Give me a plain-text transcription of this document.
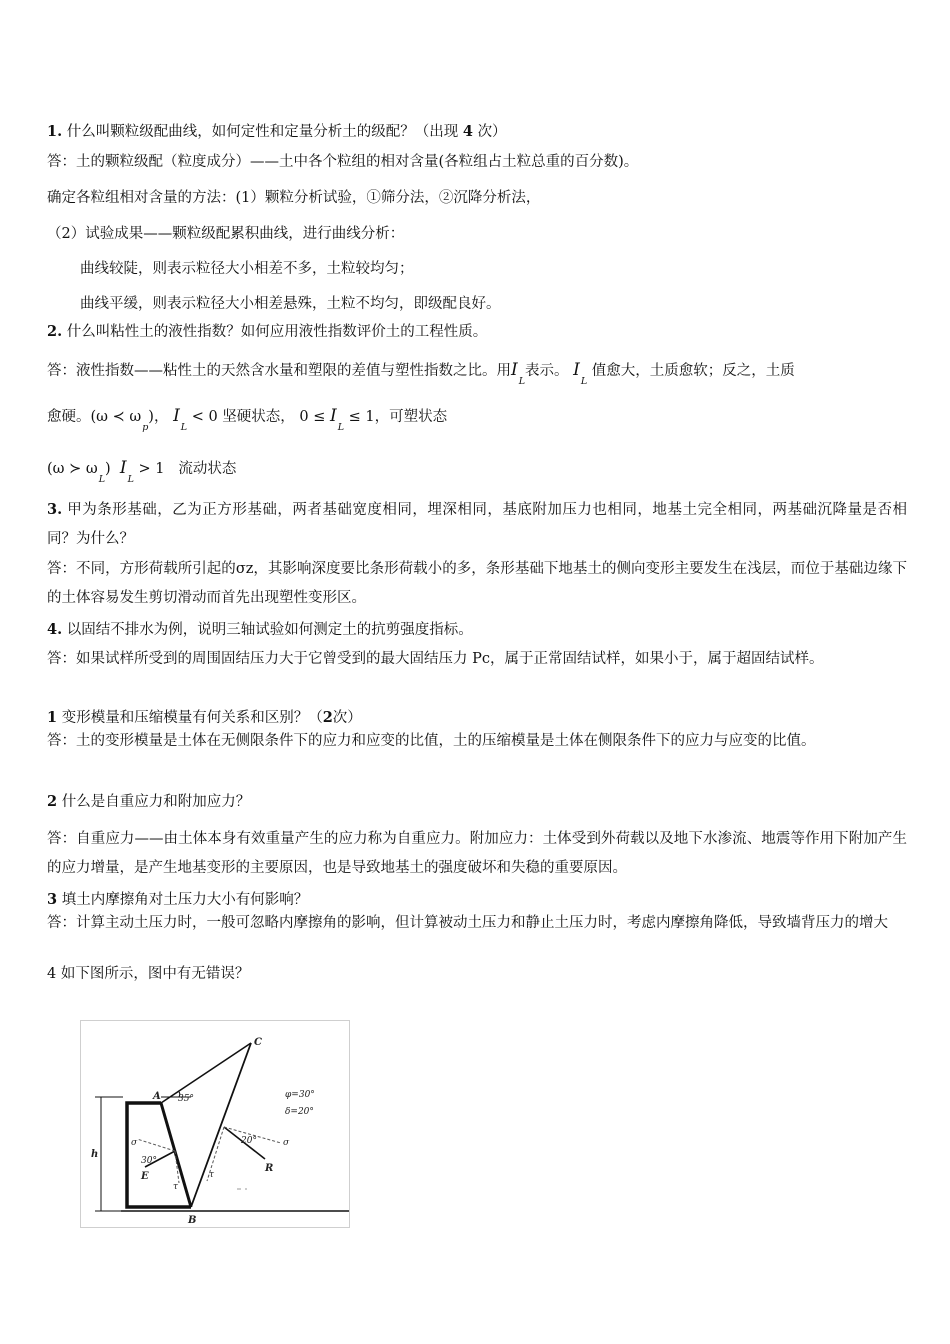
1. 什么叫颗粒级配曲线，如何定性和定量分析土的级配？（出现 4 次）
答：土的颗粒级配（粒度成分）——土中各个粒组的相对含量(各粒组占土粒总重的百分数)。
确定各粒组相对含量的方法：(1）颗粒分析试验，①筛分法，②沉降分析法，
（2）试验成果——颗粒级配累积曲线，进行曲线分析：
曲线较陡，则表示粒径大小相差不多，土粒较均匀；
曲线平缓，则表示粒径大小相差悬殊，土粒不均匀，即级配良好。
2. 什么叫粘性土的液性指数？如何应用液性指数评价土的工程性质。
答：液性指数——粘性土的天然含水量和塑限的差值与塑性指数之比。用$I_L$表示。 $I_L$ 值愈大，土质愈软；反之，土质
愈硬。(ω ≺ $\omega_p$)， $I_L < 0$ 坚硬状态， $0 \le I_L \le 1$，可塑状态
(ω ≻ $\omega_L$) $I_L > 1$ 流动状态
3. 甲为条形基础，乙为正方形基础，两者基础宽度相同，埋深相同，基底附加压力也相同，地基土完全相同，两基础沉降量是否相同？为什么？
答：不同，方形荷载所引起的σz，其影响深度要比条形荷载小的多，条形基础下地基土的侧向变形主要发生在浅层，而位于基础边缘下的土体容易发生剪切滑动而首先出现塑性变形区。
4. 以固结不排水为例，说明三轴试验如何测定土的抗剪强度指标。
答：如果试样所受到的周围固结压力大于它曾受到的最大固结压力 Pc，属于正常固结试样，如果小于，属于超固结试样。
1 变形模量和压缩模量有何关系和区别？（2次）
答：土的变形模量是土体在无侧限条件下的应力和应变的比值，土的压缩模量是土体在侧限条件下的应力与应变的比值。
2 什么是自重应力和附加应力？
答：自重应力——由土体本身有效重量产生的应力称为自重应力。附加应力：土体受到外荷载以及地下水渗流、地震等作用下附加产生的应力增量，是产生地基变形的主要原因，也是导致地基土的强度破坏和失稳的重要原因。
3 填土内摩擦角对土压力大小有何影响？
答：计算主动土压力时，一般可忽略内摩擦角的影响，但计算被动土压力和静止土压力时，考虑内摩擦角降低，导致墙背压力的增大
4 如下图所示，图中有无错误？
A
B
C
E
R
h
35°
30°
20°
φ=30°
δ=20°
σ	σ
τ
τ
